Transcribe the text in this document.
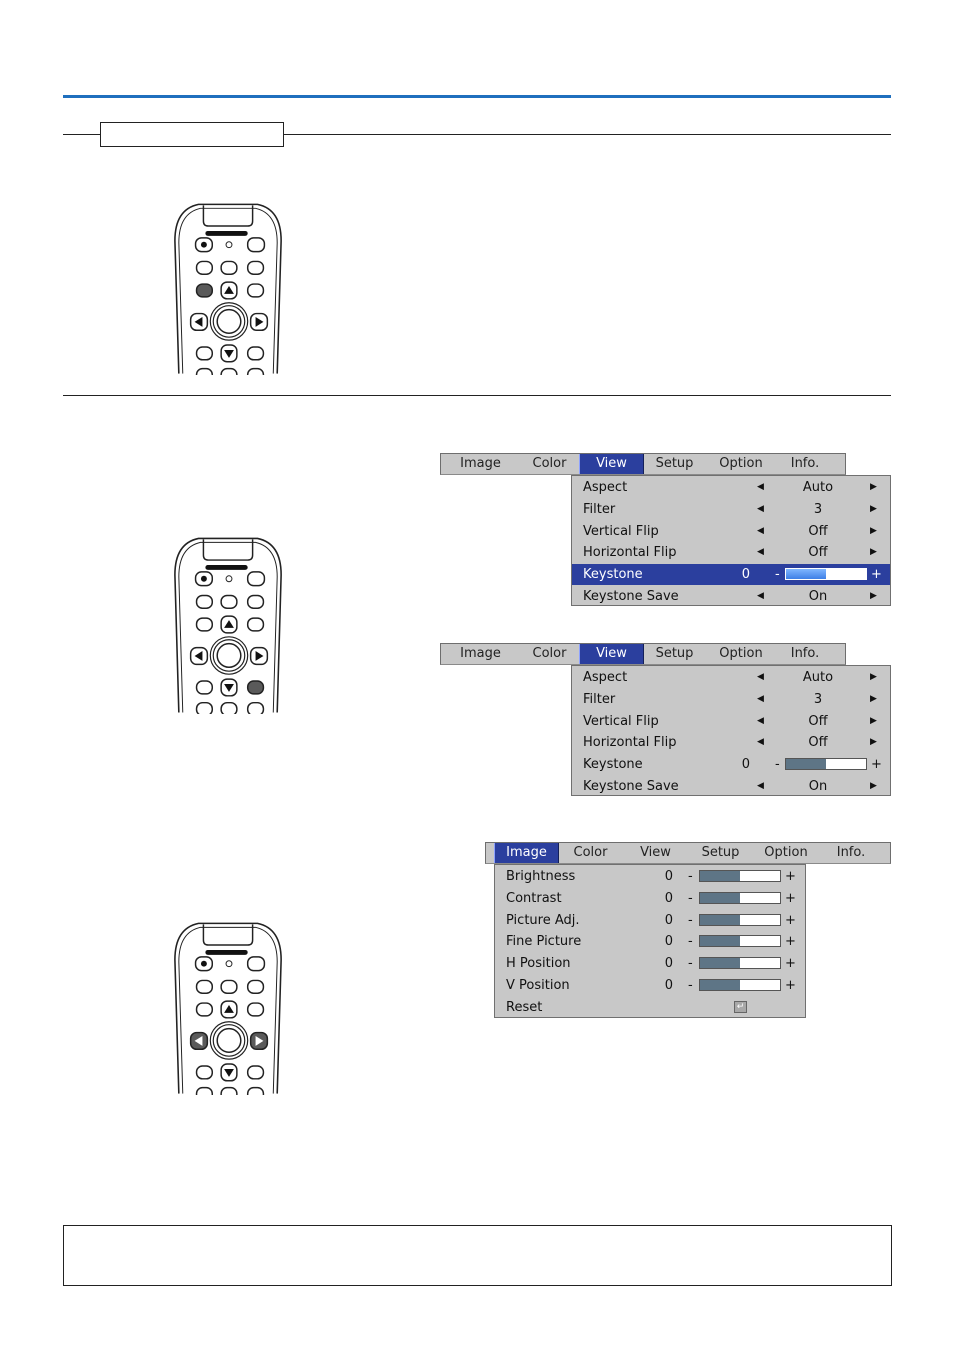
Image	Color	View	Setup	Option	Info.
Aspect	◀	Auto	▶
Filter	◀	3	▶
Vertical Flip	◀	Off	▶
Horizontal Flip	◀	Off	▶
Keystone	0 -	+
Keystone Save	◀	On	▶
Image	Color	View	Setup	Option	Info.
Aspect	◀	Auto	▶
Filter	◀	3	▶
Vertical Flip	◀	Off	▶
Horizontal Flip	◀	Off	▶
Keystone	0 -	+
Keystone Save	◀	On	▶
Image	Color	View	Setup	Option	Info.
Brightness	0 -	+
Contrast	0 -	+
Picture Adj.	0 -	+
Fine Picture	0 -	+
H Position	0 -	+
V Position	0 -	+
Reset	↵
